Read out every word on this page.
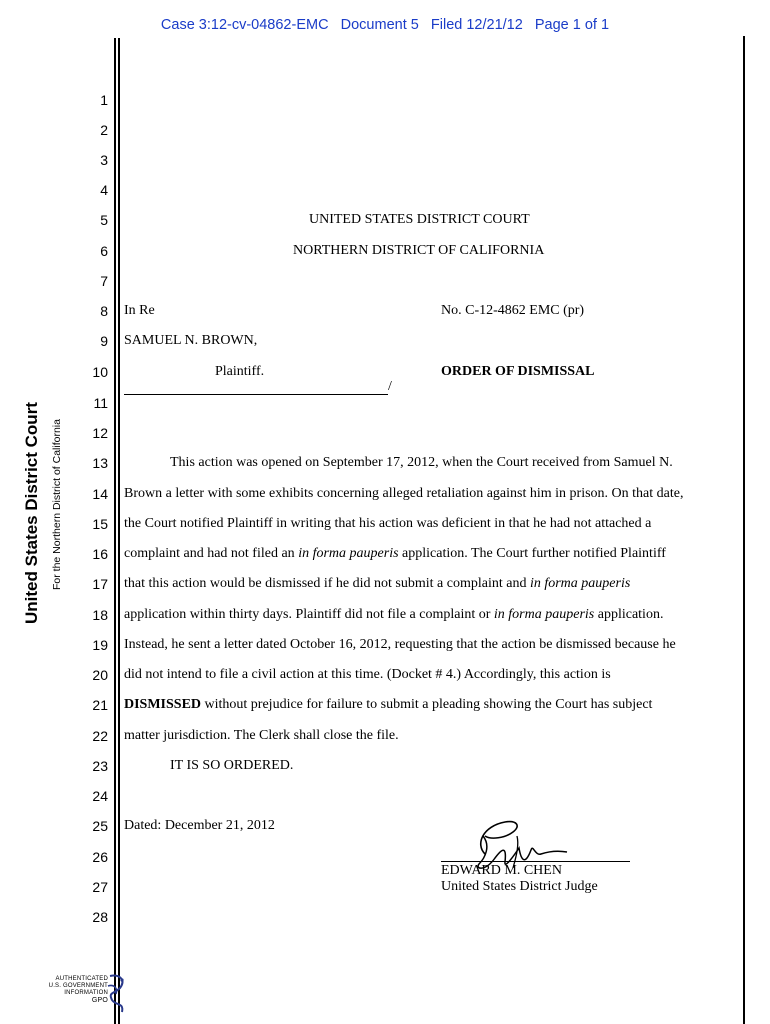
Case 3:12-cv-04862-EMC   Document 5   Filed 12/21/12   Page 1 of 1
United States District Court For the Northern District of California
1
2
3
4
5
6
7
8
9
10
11
12
13
14
15
16
17
18
19
20
21
22
23
24
25
26
27
28
UNITED STATES DISTRICT COURT
NORTHERN DISTRICT OF CALIFORNIA
In Re	No. C-12-4862 EMC (pr)
SAMUEL N. BROWN,
Plaintiff.	ORDER OF DISMISSAL
/
This action was opened on September 17, 2012, when the Court received from Samuel N.
Brown a letter with some exhibits concerning alleged retaliation against him in prison. On that date,
the Court notified Plaintiff in writing that his action was deficient in that he had not attached a
complaint and had not filed an in forma pauperis application. The Court further notified Plaintiff
that this action would be dismissed if he did not submit a complaint and in forma pauperis
application within thirty days. Plaintiff did not file a complaint or in forma pauperis application.
Instead, he sent a letter dated October 16, 2012, requesting that the action be dismissed because he
did not intend to file a civil action at this time. (Docket # 4.) Accordingly, this action is
DISMISSED without prejudice for failure to submit a pleading showing the Court has subject
matter jurisdiction. The Clerk shall close the file.
IT IS SO ORDERED.
Dated: December 21, 2012
EDWARD M. CHEN
United States District Judge
AUTHENTICATED
U.S. GOVERNMENT
INFORMATION
GPO
